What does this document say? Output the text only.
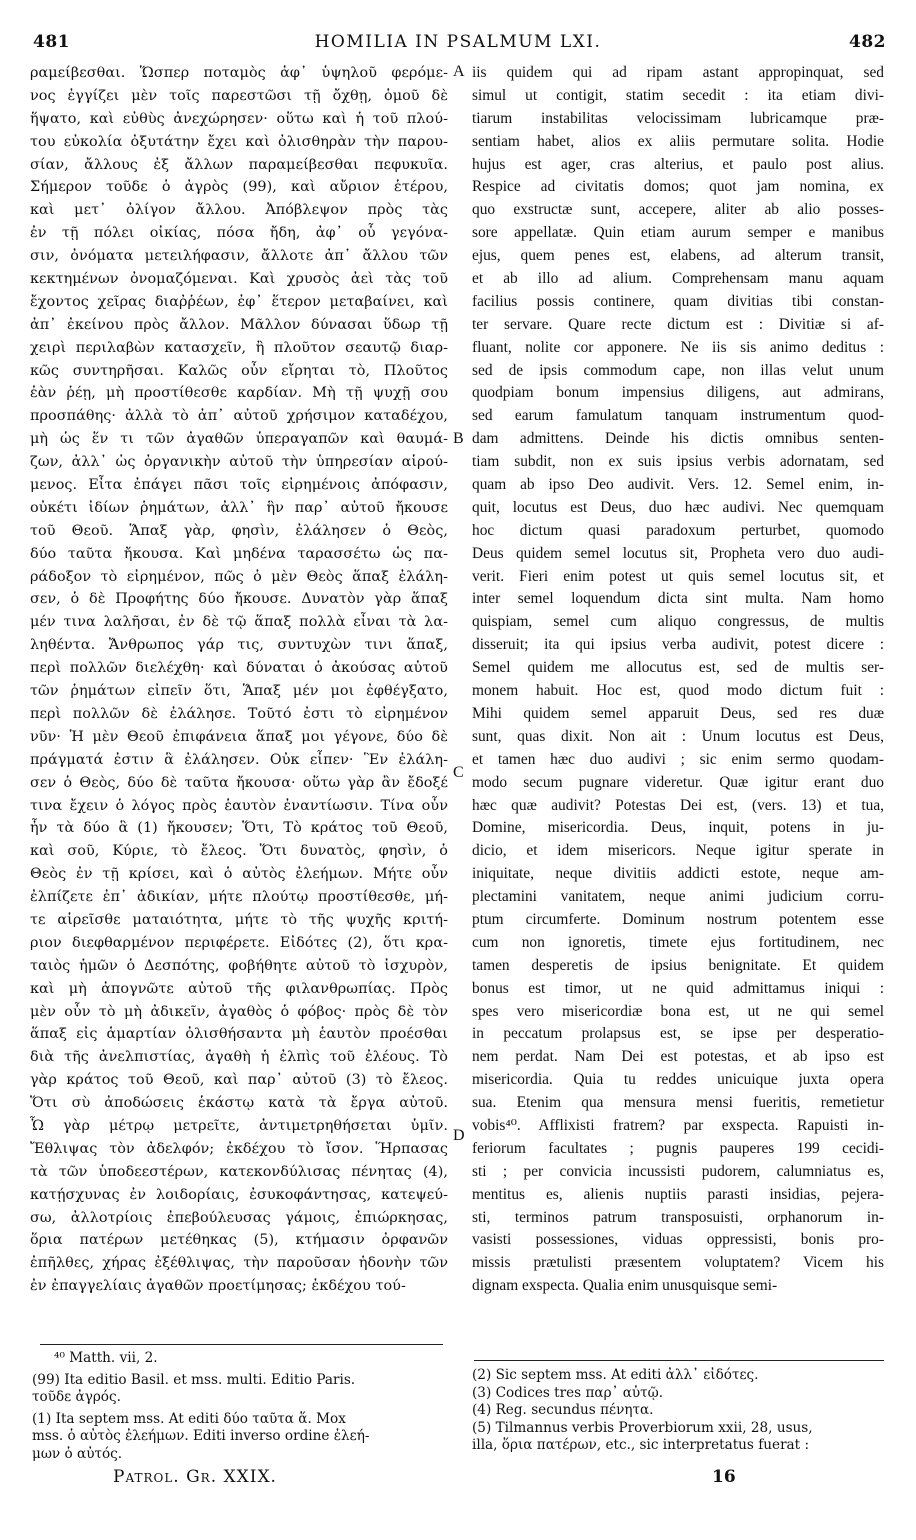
481	HOMILIA IN PSALMUM LXI.	482
ραμείβεσθαι. Ὥσπερ ποταμὸς ἀφ᾽ ὑψηλοῦ φερόμε-
νος ἐγγίζει μὲν τοῖς παρεστῶσι τῇ ὄχθῃ, ὁμοῦ δὲ
ἥψατο, καὶ εὐθὺς ἀνεχώρησεν· οὕτω καὶ ἡ τοῦ πλού-
του εὐκολία ὀξυτάτην ἔχει καὶ ὀλισθηρὰν τὴν παρου-
σίαν, ἄλλους ἐξ ἄλλων παραμείβεσθαι πεφυκυῖα.
Σήμερον τοῦδε ὁ ἀγρὸς (99), καὶ αὔριον ἑτέρου,
καὶ μετ᾽ ὀλίγον ἄλλου. Ἀπόβλεψον πρὸς τὰς
ἐν τῇ πόλει οἰκίας, πόσα ἤδη, ἀφ᾽ οὗ γεγόνα-
σιν, ὀνόματα μετειλήφασιν, ἄλλοτε ἀπ᾽ ἄλλου τῶν
κεκτημένων ὀνομαζόμεναι. Καὶ χρυσὸς ἀεὶ τὰς τοῦ
ἔχοντος χεῖρας διαῤῥέων, ἐφ᾽ ἕτερον μεταβαίνει, καὶ
ἀπ᾽ ἐκείνου πρὸς ἄλλον. Μᾶλλον δύνασαι ὕδωρ τῇ
χειρὶ περιλαβὼν κατασχεῖν, ἢ πλοῦτον σεαυτῷ διαρ-
κῶς συντηρῆσαι. Καλῶς οὖν εἴρηται τὸ, Πλοῦτος
ἐὰν ῥέῃ, μὴ προστίθεσθε καρδίαν. Μὴ τῇ ψυχῇ σου
προσπάθης· ἀλλὰ τὸ ἀπ᾽ αὐτοῦ χρήσιμον καταδέχου,
μὴ ὡς ἕν τι τῶν ἀγαθῶν ὑπεραγαπῶν καὶ θαυμά-
ζων, ἀλλ᾽ ὡς ὀργανικὴν αὐτοῦ τὴν ὑπηρεσίαν αἱρού-
μενος. Εἶτα ἐπάγει πᾶσι τοῖς εἰρημένοις ἀπόφασιν,
οὐκέτι ἰδίων ῥημάτων, ἀλλ᾽ ἣν παρ᾽ αὐτοῦ ἤκουσε
τοῦ Θεοῦ. Ἅπαξ γὰρ, φησὶν, ἐλάλησεν ὁ Θεὸς,
δύο ταῦτα ἤκουσα. Καὶ μηδένα ταρασσέτω ὡς πα-
ράδοξον τὸ εἰρημένον, πῶς ὁ μὲν Θεὸς ἅπαξ ἐλάλη-
σεν, ὁ δὲ Προφήτης δύο ἤκουσε. Δυνατὸν γὰρ ἅπαξ
μέν τινα λαλῆσαι, ἐν δὲ τῷ ἅπαξ πολλὰ εἶναι τὰ λα-
ληθέντα. Ἄνθρωπος γάρ τις, συντυχὼν τινι ἅπαξ,
περὶ πολλῶν διελέχθη· καὶ δύναται ὁ ἀκούσας αὐτοῦ
τῶν ῥημάτων εἰπεῖν ὅτι, Ἅπαξ μέν μοι ἐφθέγξατο,
περὶ πολλῶν δὲ ἐλάλησε. Τοῦτό ἐστι τὸ εἰρημένον
νῦν· Ἡ μὲν Θεοῦ ἐπιφάνεια ἅπαξ μοι γέγονε, δύο δὲ
πράγματά ἐστιν ἃ ἐλάλησεν. Οὐκ εἶπεν· Ἓν ἐλάλη-
σεν ὁ Θεὸς, δύο δὲ ταῦτα ἤκουσα· οὕτω γὰρ ἂν ἔδοξέ
τινα ἔχειν ὁ λόγος πρὸς ἑαυτὸν ἐναντίωσιν. Τίνα οὖν
ἦν τὰ δύο ἃ (1) ἤκουσεν; Ὅτι, Τὸ κράτος τοῦ Θεοῦ,
καὶ σοῦ, Κύριε, τὸ ἔλεος. Ὅτι δυνατὸς, φησὶν, ὁ
Θεὸς ἐν τῇ κρίσει, καὶ ὁ αὐτὸς ἐλεήμων. Μήτε οὖν
ἐλπίζετε ἐπ᾽ ἀδικίαν, μήτε πλούτῳ προστίθεσθε, μή-
τε αἱρεῖσθε ματαιότητα, μήτε τὸ τῆς ψυχῆς κριτή-
ριον διεφθαρμένον περιφέρετε. Εἰδότες (2), ὅτι κρα-
ταιὸς ἡμῶν ὁ Δεσπότης, φοβήθητε αὐτοῦ τὸ ἰσχυρὸν,
καὶ μὴ ἀπογνῶτε αὐτοῦ τῆς φιλανθρωπίας. Πρὸς
μὲν οὖν τὸ μὴ ἀδικεῖν, ἀγαθὸς ὁ φόβος· πρὸς δὲ τὸν
ἅπαξ εἰς ἁμαρτίαν ὀλισθήσαντα μὴ ἑαυτὸν προέσθαι
διὰ τῆς ἀνελπιστίας, ἀγαθὴ ἡ ἐλπὶς τοῦ ἐλέους. Τὸ
γὰρ κράτος τοῦ Θεοῦ, καὶ παρ᾽ αὐτοῦ (3) τὸ ἔλεος.
Ὅτι σὺ ἀποδώσεις ἑκάστῳ κατὰ τὰ ἔργα αὐτοῦ.
Ὧ γὰρ μέτρῳ μετρεῖτε, ἀντιμετρηθήσεται ὑμῖν.
Ἔθλιψας τὸν ἀδελφόν; ἐκδέχου τὸ ἴσον. Ἥρπασας
τὰ τῶν ὑποδεεστέρων, κατεκονδύλισας πένητας (4),
κατῄσχυνας ἐν λοιδορίαις, ἐσυκοφάντησας, κατεψεύ-
σω, ἀλλοτρίοις ἐπεβούλευσας γάμοις, ἐπιώρκησας,
ὅρια πατέρων μετέθηκας (5), κτήμασιν ὀρφανῶν
ἐπῆλθες, χήρας ἐξέθλιψας, τὴν παροῦσαν ἡδονὴν τῶν
ἐν ἐπαγγελίαις ἀγαθῶν προετίμησας; ἐκδέχου τού-
iis quidem qui ad ripam astant appropinquat, sed
simul ut contigit, statim secedit : ita etiam divi-
tiarum instabilitas velocissimam lubricamque præ-
sentiam habet, alios ex aliis permutare solita. Hodie
hujus est ager, cras alterius, et paulo post alius.
Respice ad civitatis domos; quot jam nomina, ex
quo exstructæ sunt, accepere, aliter ab alio posses-
sore appellatæ. Quin etiam aurum semper e manibus
ejus, quem penes est, elabens, ad alterum transit,
et ab illo ad alium. Comprehensam manu aquam
facilius possis continere, quam divitias tibi constan-
ter servare. Quare recte dictum est : Divitiæ si af-
fluant, nolite cor apponere. Ne iis sis animo deditus :
sed de ipsis commodum cape, non illas velut unum
quodpiam bonum impensius diligens, aut admirans,
sed earum famulatum tanquam instrumentum quod-
dam admittens. Deinde his dictis omnibus senten-
tiam subdit, non ex suis ipsius verbis adornatam, sed
quam ab ipso Deo audivit. Vers. 12. Semel enim, in-
quit, locutus est Deus, duo hæc audivi. Nec quemquam
hoc dictum quasi paradoxum perturbet, quomodo
Deus quidem semel locutus sit, Propheta vero duo audi-
verit. Fieri enim potest ut quis semel locutus sit, et
inter semel loquendum dicta sint multa. Nam homo
quispiam, semel cum aliquo congressus, de multis
disseruit; ita qui ipsius verba audivit, potest dicere :
Semel quidem me allocutus est, sed de multis ser-
monem habuit. Hoc est, quod modo dictum fuit :
Mihi quidem semel apparuit Deus, sed res duæ
sunt, quas dixit. Non ait : Unum locutus est Deus,
et tamen hæc duo audivi ; sic enim sermo quodam-
modo secum pugnare videretur. Quæ igitur erant duo
hæc quæ audivit? Potestas Dei est, (vers. 13) et tua,
Domine, misericordia. Deus, inquit, potens in ju-
dicio, et idem misericors. Neque igitur sperate in
iniquitate, neque divitiis addicti estote, neque am-
plectamini vanitatem, neque animi judicium corru-
ptum circumferte. Dominum nostrum potentem esse
cum non ignoretis, timete ejus fortitudinem, nec
tamen desperetis de ipsius benignitate. Et quidem
bonus est timor, ut ne quid admittamus iniqui :
spes vero misericordiæ bona est, ut ne qui semel
in peccatum prolapsus est, se ipse per desperatio-
nem perdat. Nam Dei est potestas, et ab ipso est
misericordia. Quia tu reddes unicuique juxta opera
sua. Etenim qua mensura mensi fueritis, remetietur
vobis⁴⁰. Afflixisti fratrem? par exspecta. Rapuisti in-
feriorum facultates ; pugnis pauperes 199 cecidi-
sti ; per convicia incussisti pudorem, calumniatus es,
mentitus es, alienis nuptiis parasti insidias, pejera-
sti, terminos patrum transposuisti, orphanorum in-
vasisti possessiones, viduas oppressisti, bonis pro-
missis prætulisti præsentem voluptatem? Vicem his
dignam exspecta. Qualia enim unusquisque semi-
A
B
C
D
⁴⁰ Matth. vii, 2.
(99) Ita editio Basil. et mss. multi. Editio Paris.
τοῦδε ἀγρός.
(1) Ita septem mss. At editi δύο ταῦτα ἅ. Mox
mss. ὁ αὐτὸς ἐλεήμων. Editi inverso ordine ἐλεή-
μων ὁ αὐτός.
(2) Sic septem mss. At editi ἀλλ᾽ εἰδότες.
(3) Codices tres παρ᾽ αὐτῷ.
(4) Reg. secundus πένητα.
(5) Tilmannus verbis Proverbiorum xxii, 28, usus,
illa, ὅρια πατέρων, etc., sic interpretatus fuerat :
Patrol. Gr. XXIX.	16
